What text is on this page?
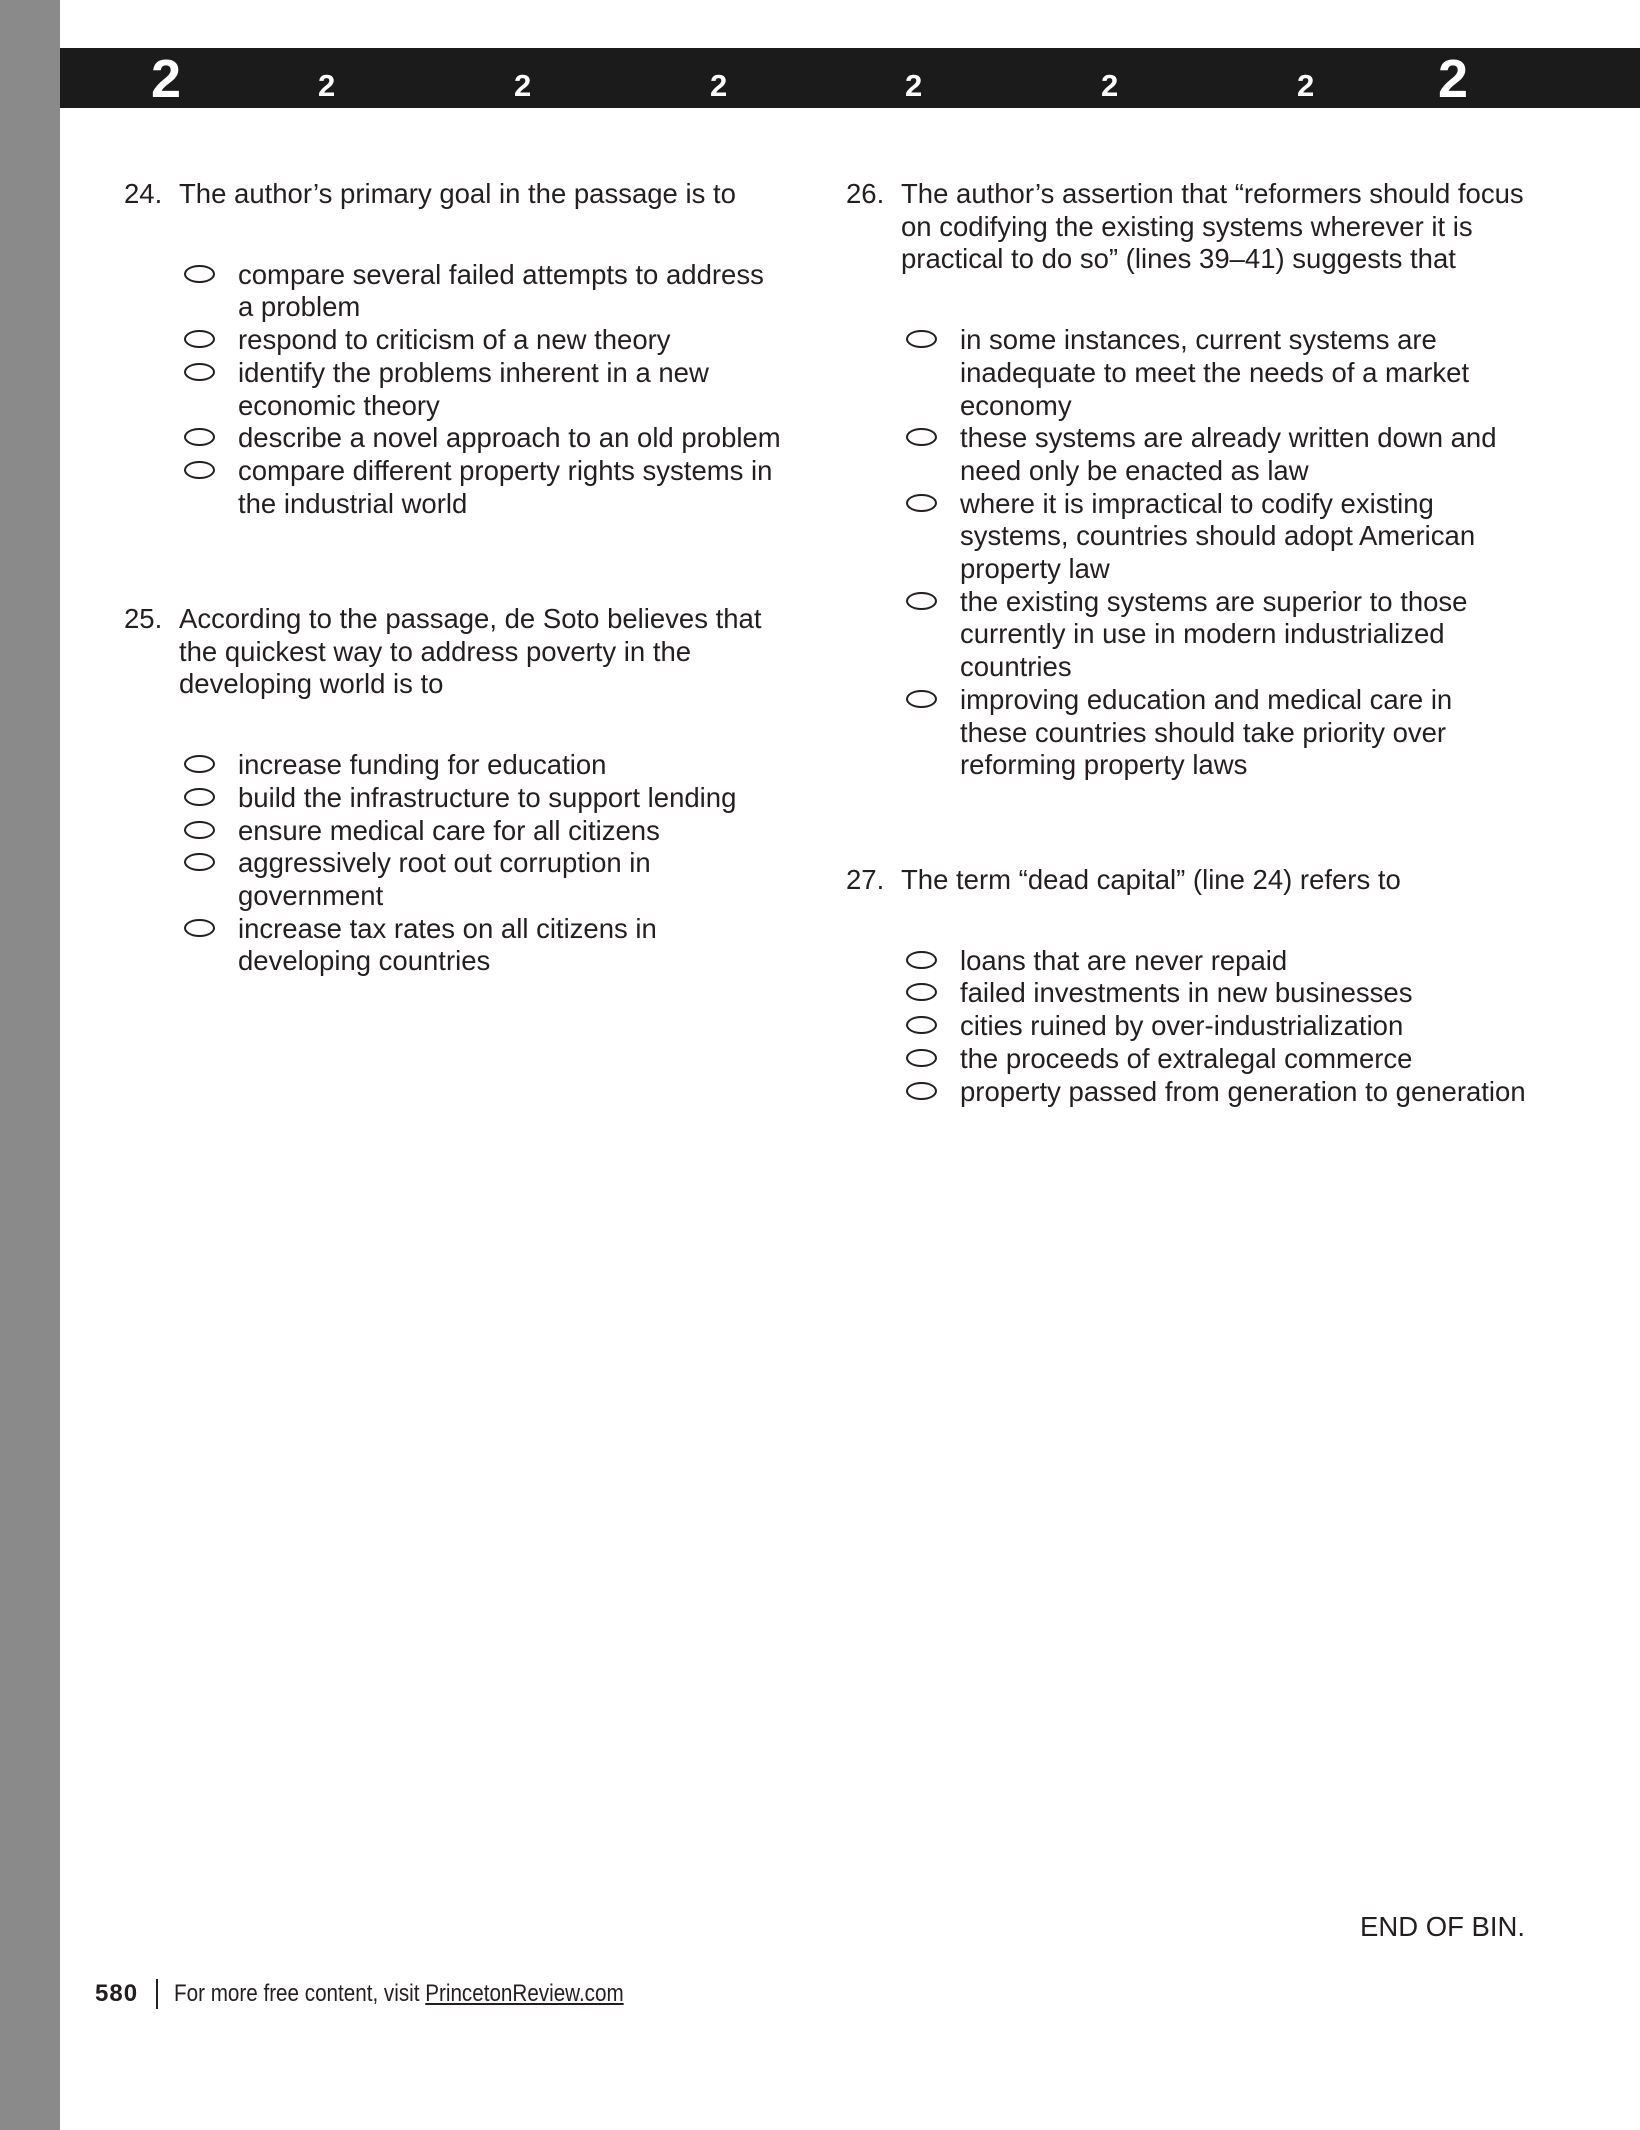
2	2	2	2	2	2	2 2
24. The author’s primary goal in the passage is to
compare several failed attempts to address a problem
respond to criticism of a new theory
identify the problems inherent in a new economic theory
describe a novel approach to an old problem
compare different property rights systems in the industrial world
25. According to the passage, de Soto believes that the quickest way to address poverty in the developing world is to
increase funding for education
build the infrastructure to support lending
ensure medical care for all citizens
aggressively root out corruption in government
increase tax rates on all citizens in developing countries
26. The author’s assertion that “reformers should focus on codifying the existing systems wherever it is practical to do so” (lines 39–41) suggests that
in some instances, current systems are inadequate to meet the needs of a market economy
these systems are already written down and need only be enacted as law
where it is impractical to codify existing systems, countries should adopt American property law
the existing systems are superior to those currently in use in modern industrialized countries
improving education and medical care in these countries should take priority over reforming property laws
27. The term “dead capital” (line 24) refers to
loans that are never repaid
failed investments in new businesses
cities ruined by over-industrialization
the proceeds of extralegal commerce
property passed from generation to generation
END OF BIN.
580 For more free content, visit PrincetonReview.com
